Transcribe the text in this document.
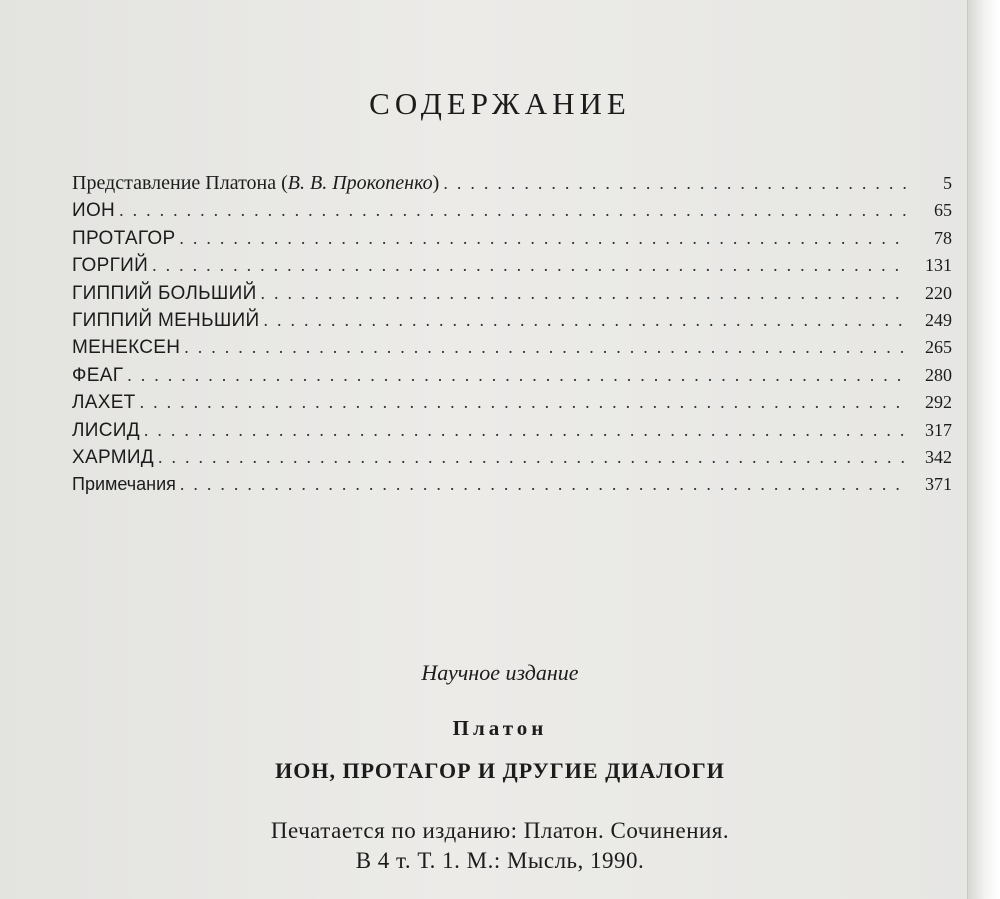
СОДЕРЖАНИЕ
Представление Платона (В. В. Прокопенко) .....	5
ИОН .....	65
ПРОТАГОР .....	78
ГОРГИЙ .....	131
ГИППИЙ БОЛЬШИЙ .....	220
ГИППИЙ МЕНЬШИЙ .....	249
МЕНЕКСЕН .....	265
ФЕАГ .....	280
ЛАХЕТ .....	292
ЛИСИД .....	317
ХАРМИД .....	342
Примечания .....	371
Научное издание
Платон
ИОН, ПРОТАГОР И ДРУГИЕ ДИАЛОГИ
Печатается по изданию: Платон. Сочинения.
В 4 т. Т. 1. М.: Мысль, 1990.
